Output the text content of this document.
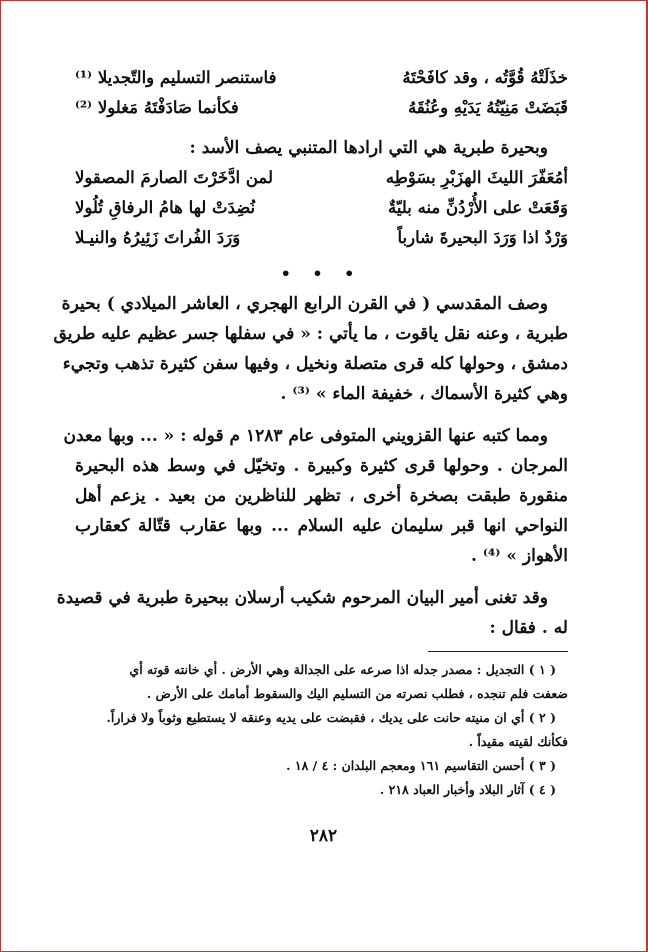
خذَلَتْهُ قُوَّتُه ، وقد كافَحْتَهُ
فاستنصر التسليم والتّجديلا ⁽¹⁾
قَبَضَتْ مَنِيّتُهُ يَدَيْهِ وعُنُقَهُ
فكأنما صَادَفْتَهُ مَغلولا ⁽²⁾
وبحيرة طبرية هي التي ارادها المتنبي يصف الأسد :
أمُعَفّرَ الليثَ الهزَبْرِ بسَوْطِه
لمن ادَّخَرْتَ الصارمَ المصقولا
وَقَعَتْ على الأُرْدُنِّ منه بليّةٌ
نُضِدَتْ لها هامُ الرفاقِ تُلُولا
وَرْدٌ اذا وَرَدَ البحيرةَ شارباً
وَرَدَ الفُراتَ زَئِيرُهُ والنيـلا
• • •
وصف المقدسي ( في القرن الرابع الهجري ، العاشر الميلادي ) بحيرة
طبرية ، وعنه نقل ياقوت ، ما يأتي : « في سفلها جسر عظيم عليه طريق
دمشق ، وحولها كله قرى متصلة ونخيل ، وفيها سفن كثيرة تذهب وتجيء
وهي كثيرة الأسماك ، خفيفة الماء » ⁽³⁾ .
ومما كتبه عنها القزويني المتوفى عام ١٢٨٣ م قوله : « ... وبها معدن
المرجان . وحولها قرى كثيرة وكبيرة . وتخيّل في وسط هذه البحيرة
منقورة طبقت بصخرة أخرى ، تظهر للناظرين من بعيد . يزعم أهل
النواحي انها قبر سليمان عليه السلام ... وبها عقارب قتّالة كعقارب
الأهواز » ⁽⁴⁾ .
وقد تغنى أمير البيان المرحوم شكيب أرسلان ببحيرة طبرية في قصيدة
له . فقال :
( ١ ) التجديل : مصدر جدله اذا صرعه على الجدالة وهي الأرض . أي خانته قوته أي
ضعفت فلم تنجده ، فطلب نصرته من التسليم اليك والسقوط أمامك على الأرض .
( ٢ ) أي ان منيته حانت على يديك ، فقبضت على يديه وعنقه لا يستطيع وثوباً ولا فراراً.
فكأنك لقيته مقيداً .
( ٣ ) أحسن التقاسيم ١٦١ ومعجم البلدان : ٤ / ١٨ .
( ٤ ) آثار البلاد وأخبار العباد ٢١٨ .
٢٨٢
